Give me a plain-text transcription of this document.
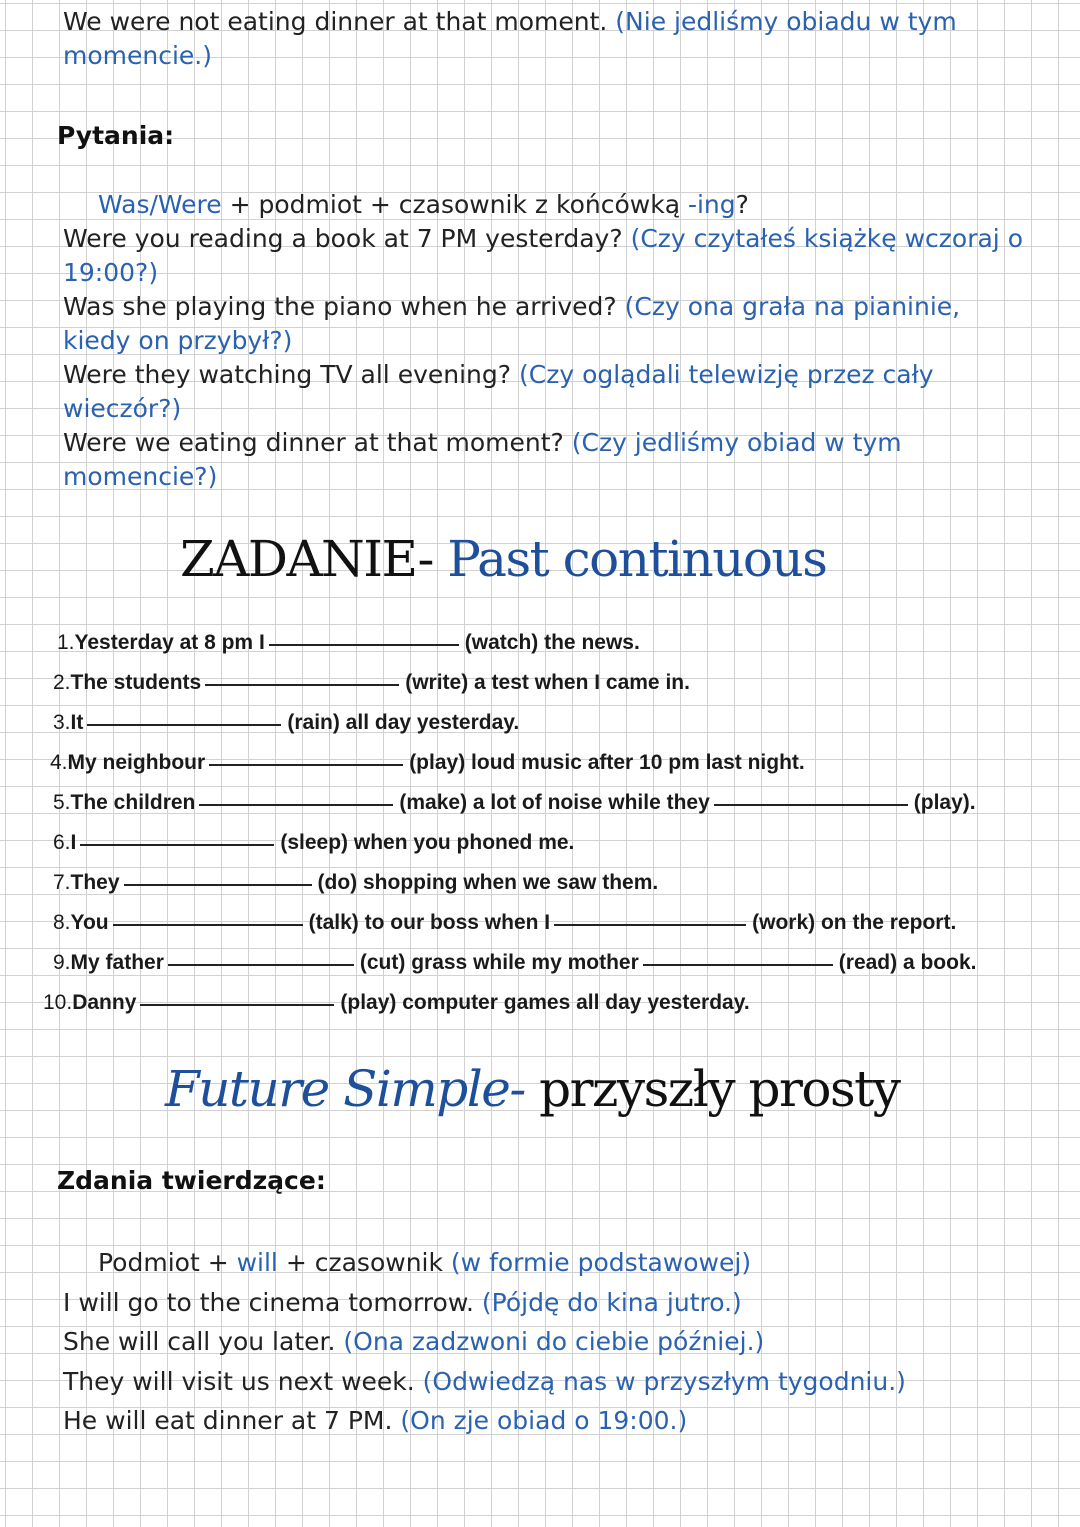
We were not eating dinner at that moment. (Nie jedliśmy obiadu w tym
momencie.)
Pytania:
Was/Were + podmiot + czasownik z końcówką -ing?
Were you reading a book at 7 PM yesterday? (Czy czytałeś książkę wczoraj o
19:00?)
Was she playing the piano when he arrived? (Czy ona grała na pianinie,
kiedy on przybył?)
Were they watching TV all evening? (Czy oglądali telewizję przez cały
wieczór?)
Were we eating dinner at that moment? (Czy jedliśmy obiad w tym
momencie?)
ZADANIE- Past continuous
1.Yesterday at 8 pm I	(watch) the news.
2.The students	(write) a test when I came in.
3.It	(rain) all day yesterday.
4.My neighbour	(play) loud music after 10 pm last night.
5.The children	(make) a lot of noise while they	(play).
6.I	(sleep) when you phoned me.
7.They	(do) shopping when we saw them.
8.You	(talk) to our boss when I	(work) on the report.
9.My father	(cut) grass while my mother	(read) a book.
10.Danny	(play) computer games all day yesterday.
Future Simple- przyszły prosty
Zdania twierdzące:
Podmiot + will + czasownik (w formie podstawowej)
I will go to the cinema tomorrow. (Pójdę do kina jutro.)
She will call you later. (Ona zadzwoni do ciebie później.)
They will visit us next week. (Odwiedzą nas w przyszłym tygodniu.)
He will eat dinner at 7 PM. (On zje obiad o 19:00.)
